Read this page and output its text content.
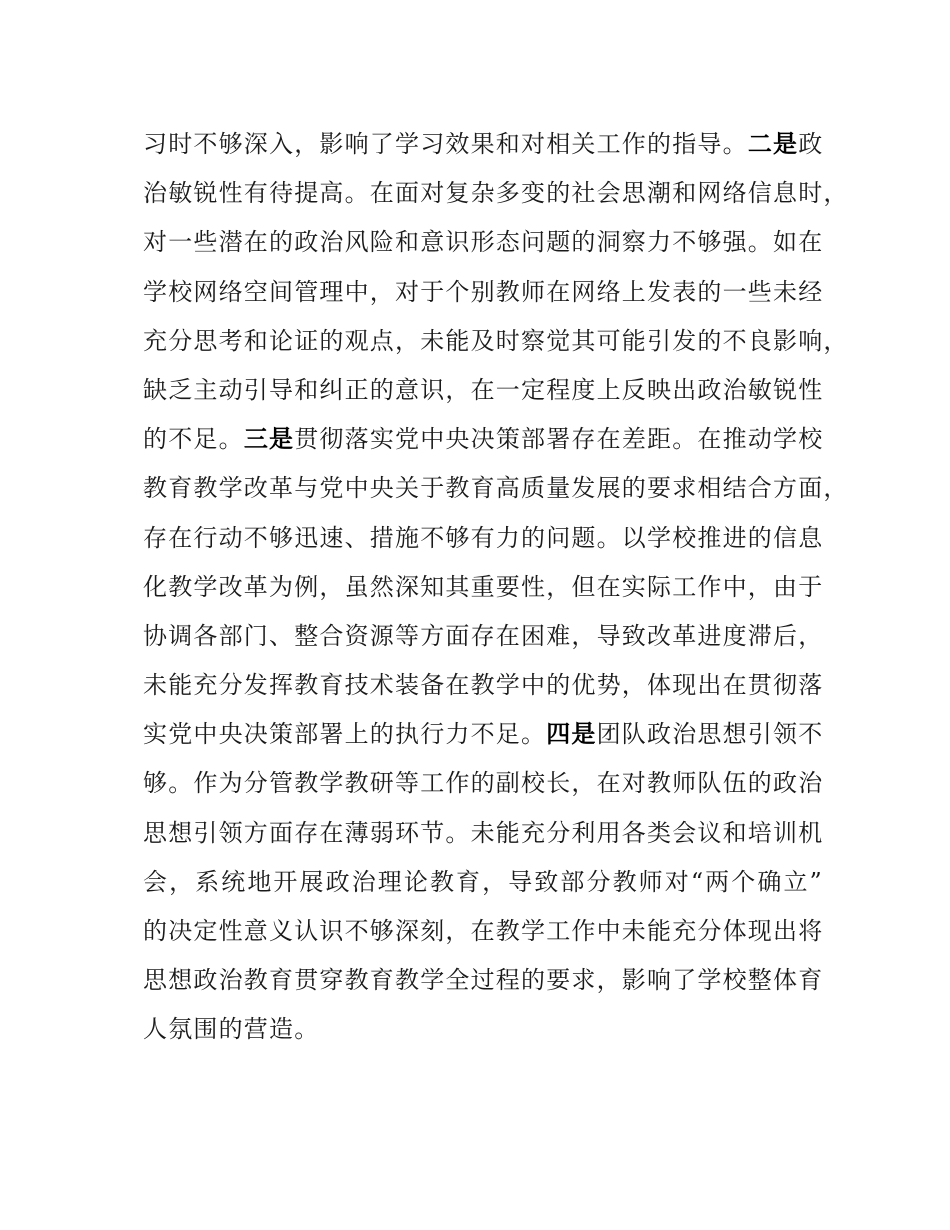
习时不够深入，影响了学习效果和对相关工作的指导。二是政
治敏锐性有待提高。在面对复杂多变的社会思潮和网络信息时，
对一些潜在的政治风险和意识形态问题的洞察力不够强。如在
学校网络空间管理中，对于个别教师在网络上发表的一些未经
充分思考和论证的观点，未能及时察觉其可能引发的不良影响，
缺乏主动引导和纠正的意识，在一定程度上反映出政治敏锐性
的不足。三是贯彻落实党中央决策部署存在差距。在推动学校
教育教学改革与党中央关于教育高质量发展的要求相结合方面，
存在行动不够迅速、措施不够有力的问题。以学校推进的信息
化教学改革为例，虽然深知其重要性，但在实际工作中，由于
协调各部门、整合资源等方面存在困难，导致改革进度滞后，
未能充分发挥教育技术装备在教学中的优势，体现出在贯彻落
实党中央决策部署上的执行力不足。四是团队政治思想引领不
够。作为分管教学教研等工作的副校长，在对教师队伍的政治
思想引领方面存在薄弱环节。未能充分利用各类会议和培训机
会，系统地开展政治理论教育，导致部分教师对“两个确立”
的决定性意义认识不够深刻，在教学工作中未能充分体现出将
思想政治教育贯穿教育教学全过程的要求，影响了学校整体育
人氛围的营造。
